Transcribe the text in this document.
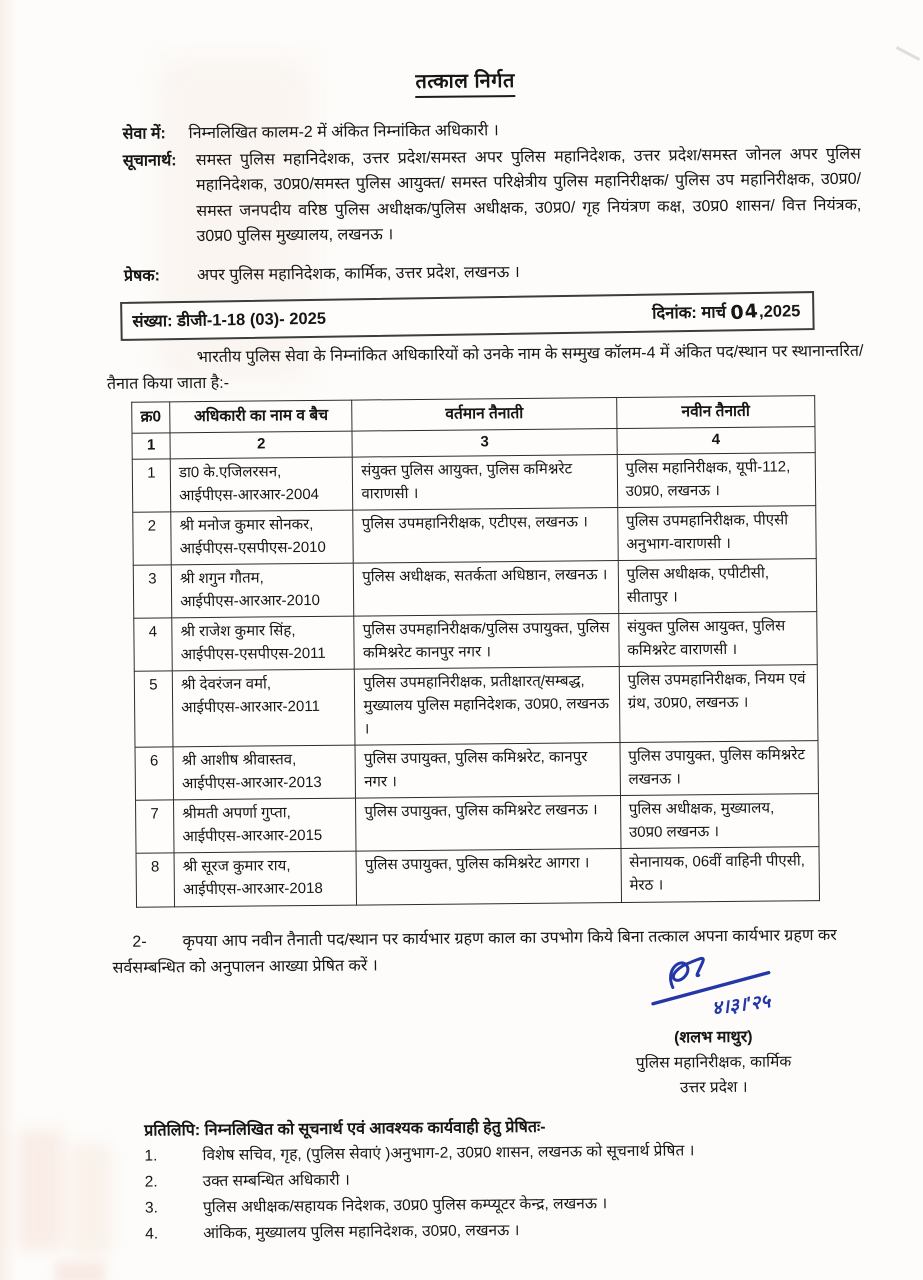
तत्काल निर्गत
सेवा में:	निम्नलिखित कालम-2 में अंकित निम्नांकित अधिकारी ।
सूचानार्थ:	समस्त पुलिस महानिदेशक, उत्तर प्रदेश/समस्त अपर पुलिस महानिदेशक, उत्तर प्रदेश/समस्त जोनल अपर पुलिस महानिदेशक, उ0प्र0/समस्त पुलिस आयुक्त/ समस्त परिक्षेत्रीय पुलिस महानिरीक्षक/ पुलिस उप महानिरीक्षक, उ0प्र0/ समस्त जनपदीय वरिष्ठ पुलिस अधीक्षक/पुलिस अधीक्षक, उ0प्र0/ गृह नियंत्रण कक्ष, उ0प्र0 शासन/ वित्त नियंत्रक, उ0प्र0 पुलिस मुख्यालय, लखनऊ ।
प्रेषक:	अपर पुलिस महानिदेशक, कार्मिक, उत्तर प्रदेश, लखनऊ ।
संख्या: डीजी-1-18 (03)- 2025	दिनांक: मार्च 04,2025

भारतीय पुलिस सेवा के निम्नांकित अधिकारियों को उनके नाम के सम्मुख कॉलम-4 में अंकित पद/स्थान पर स्थानान्तरित/तैनात किया जाता है:-

क्र0	अधिकारी का नाम व बैच	वर्तमान तैनाती	नवीन तैनाती
1	2	3	4
1	डा0 के.एजिलरसन,
आईपीएस-आरआर-2004	संयुक्त पुलिस आयुक्त, पुलिस कमिश्नरेट वाराणसी ।	पुलिस महानिरीक्षक, यूपी-112, उ0प्र0, लखनऊ ।
2	श्री मनोज कुमार सोनकर,
आईपीएस-एसपीएस-2010	पुलिस उपमहानिरीक्षक, एटीएस, लखनऊ ।	पुलिस उपमहानिरीक्षक, पीएसी अनुभाग-वाराणसी ।
3	श्री शगुन गौतम,
आईपीएस-आरआर-2010	पुलिस अधीक्षक, सतर्कता अधिष्ठान, लखनऊ ।	पुलिस अधीक्षक, एपीटीसी, सीतापुर ।
4	श्री राजेश कुमार सिंह,
आईपीएस-एसपीएस-2011	पुलिस उपमहानिरीक्षक/पुलिस उपायुक्त, पुलिस कमिश्नरेट कानपुर नगर ।	संयुक्त पुलिस आयुक्त, पुलिस कमिश्नरेट वाराणसी ।
5	श्री देवरंजन वर्मा,
आईपीएस-आरआर-2011	पुलिस उपमहानिरीक्षक, प्रतीक्षारत्/सम्बद्ध, मुख्यालय पुलिस महानिदेशक, उ0प्र0, लखनऊ ।	पुलिस उपमहानिरीक्षक, नियम एवं ग्रंथ, उ0प्र0, लखनऊ ।
6	श्री आशीष श्रीवास्तव,
आईपीएस-आरआर-2013	पुलिस उपायुक्त, पुलिस कमिश्नरेट, कानपुर नगर ।	पुलिस उपायुक्त, पुलिस कमिश्नरेट लखनऊ ।
7	श्रीमती अपर्णा गुप्ता,
आईपीएस-आरआर-2015	पुलिस उपायुक्त, पुलिस कमिश्नरेट लखनऊ ।	पुलिस अधीक्षक, मुख्यालय, उ0प्र0 लखनऊ ।
8	श्री सूरज कुमार राय,
आईपीएस-आरआर-2018	पुलिस उपायुक्त, पुलिस कमिश्नरेट आगरा ।	सेनानायक, 06वीं वाहिनी पीएसी, मेरठ ।

2- कृपया आप नवीन तैनाती पद/स्थान पर कार्यभार ग्रहण काल का उपभोग किये बिना तत्काल अपना कार्यभार ग्रहण कर सर्वसम्बन्धित को अनुपालन आख्या प्रेषित करें ।

४।३।'२५
(शलभ माथुर)
पुलिस महानिरीक्षक, कार्मिक
उत्तर प्रदेश ।
प्रतिलिपि: निम्नलिखित को सूचनार्थ एवं आवश्यक कार्यवाही हेतु प्रेषितः-
1.	विशेष सचिव, गृह, (पुलिस सेवाएं )अनुभाग-2, उ0प्र0 शासन, लखनऊ को सूचनार्थ प्रेषित ।
2.	उक्त सम्बन्धित अधिकारी ।
3.	पुलिस अधीक्षक/सहायक निदेशक, उ0प्र0 पुलिस कम्प्यूटर केन्द्र, लखनऊ ।
4.	आंकिक, मुख्यालय पुलिस महानिदेशक, उ0प्र0, लखनऊ ।
